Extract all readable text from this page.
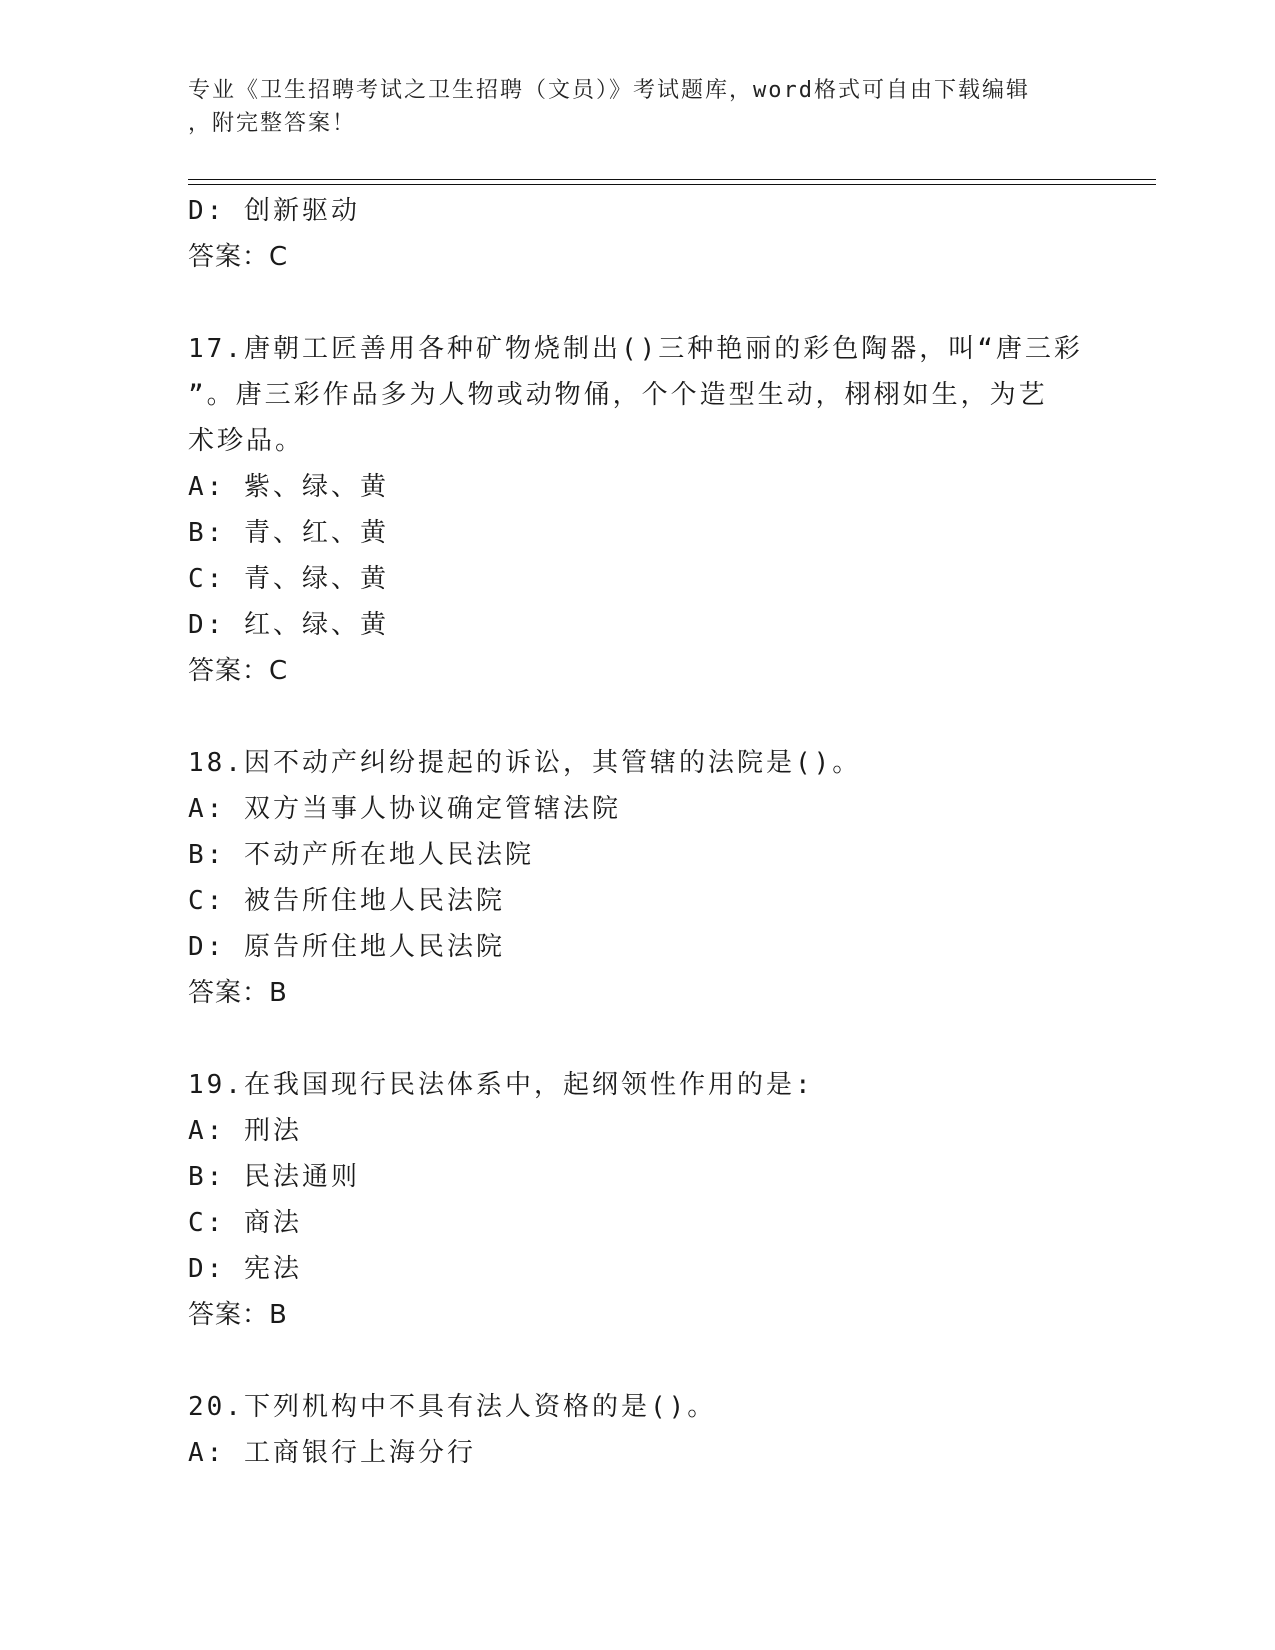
专业《卫生招聘考试之卫生招聘（文员）》考试题库，word格式可自由下载编辑
，附完整答案！
D: 创新驱动
答案：C
17.唐朝工匠善用各种矿物烧制出()三种艳丽的彩色陶器，叫“唐三彩
”。唐三彩作品多为人物或动物俑，个个造型生动，栩栩如生，为艺
术珍品。
A: 紫、绿、黄
B: 青、红、黄
C: 青、绿、黄
D: 红、绿、黄
答案：C
18.因不动产纠纷提起的诉讼，其管辖的法院是()。
A: 双方当事人协议确定管辖法院
B: 不动产所在地人民法院
C: 被告所住地人民法院
D: 原告所住地人民法院
答案：B
19.在我国现行民法体系中，起纲领性作用的是:
A: 刑法
B: 民法通则
C: 商法
D: 宪法
答案：B
20.下列机构中不具有法人资格的是()。
A: 工商银行上海分行
